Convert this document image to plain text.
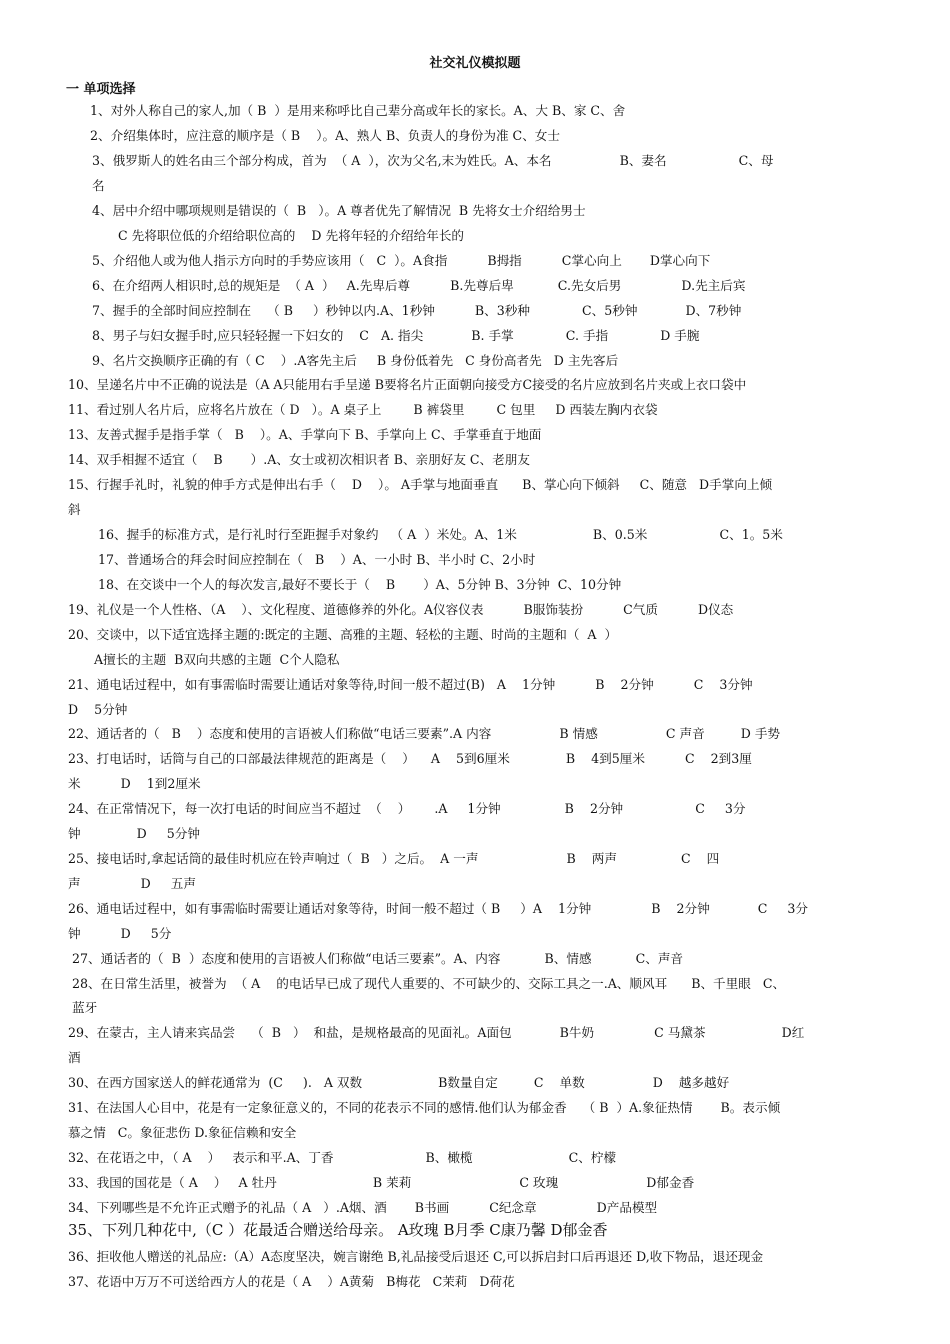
社交礼仪模拟题
一 单项选择
1、对外人称自己的家人,加（ B  ）是用来称呼比自己辈分高或年长的家长。A、大 B、家 C、舍
2、介绍集体时，应注意的顺序是（ B    ）。A、熟人 B、负责人的身份为准 C、女士
3、俄罗斯人的姓名由三个部分构成，首为  （ A  ），次为父名,末为姓氏。A、本名                 B、妻名                  C、母
名
4、居中介绍中哪项规则是错误的（  B   ）。A 尊者优先了解情况  B 先将女士介绍给男士
C 先将职位低的介绍给职位高的    D 先将年轻的介绍给年长的
5、介绍他人或为他人指示方向时的手势应该用（   C  ）。A食指          B拇指          C掌心向上       D掌心向下
6、在介绍两人相识时,总的规矩是  （ A  ）   A.先卑后尊          B.先尊后卑           C.先女后男               D.先主后宾
7、握手的全部时间应控制在    （ B     ）秒钟以内.A、1秒钟          B、3秒种             C、5秒钟            D、7秒钟
8、男子与妇女握手时,应只轻轻握一下妇女的    C   A. 指尖            B. 手掌             C. 手指             D 手腕
9、名片交换顺序正确的有（ C    ）.A客先主后     B 身份低着先   C 身份高者先   D 主先客后
10、呈递名片中不正确的说法是（A A只能用右手呈递 B要将名片正面朝向接受方C接受的名片应放到名片夹或上衣口袋中
11、看过别人名片后，应将名片放在（ D   ）。A 桌子上        B 裤袋里        C 包里     D 西装左胸内衣袋
13、友善式握手是指手掌（   B    ）。A、手掌向下 B、手掌向上 C、手掌垂直于地面
14、双手相握不适宜（    B       ）.A、女士或初次相识者 B、亲朋好友 C、老朋友
15、行握手礼时，礼貌的伸手方式是伸出右手（    D    ）。 A手掌与地面垂直      B、掌心向下倾斜     C、随意   D手掌向上倾
斜
16、握手的标准方式，是行礼时行至距握手对象约   （ A  ）米处。A、1米                   B、0.5米                  C、1。5米
17、普通场合的拜会时间应控制在（   B    ）A、一小时 B、半小时 C、2小时
18、在交谈中一个人的每次发言,最好不要长于（    B       ）A、5分钟 B、3分钟  C、10分钟
19、礼仪是一个人性格、（A    ）、文化程度、道德修养的外化。A仪容仪表          B服饰装扮          C气质          D仪态
20、交谈中，以下适宜选择主题的:既定的主题、高雅的主题、轻松的主题、时尚的主题和（  A  ）
A擅长的主题  B双向共感的主题  C个人隐私
21、通电话过程中，如有事需临时需要让通话对象等待,时间一般不超过(B)   A    1分钟          B    2分钟          C    3分钟
D    5分钟
22、通话者的（   B    ）态度和使用的言语被人们称做“电话三要素”.A 内容                 B 情感                 C 声音         D 手势
23、打电话时，话筒与自己的口部最法律规范的距离是（    ）    A    5到6厘米              B    4到5厘米          C    2到3厘
米          D    1到2厘米
24、在正常情况下，每一次打电话的时间应当不超过  （    ）      .A     1分钟                B    2分钟                  C     3分
钟              D     5分钟
25、接电话时,拿起话筒的最佳时机应在铃声响过（  B   ）之后。  A 一声                      B    两声                C    四
声               D     五声
26、通电话过程中，如有事需临时需要让通话对象等待，时间一般不超过（ B     ）A    1分钟               B    2分钟            C     3分
钟          D     5分
27、通话者的（  B  ）态度和使用的言语被人们称做“电话三要素”。A、内容           B、情感           C、声音
28、在日常生活里，被誉为  （ A    的电话早已成了现代人重要的、不可缺少的、交际工具之一.A、顺风耳      B、千里眼   C、
蓝牙
29、在蒙古，主人请来宾品尝    （  B   ）  和盐，是规格最高的见面礼。A面包            B牛奶               C 马黛茶                   D红
酒
30、在西方国家送人的鲜花通常为  (C     ).   A 双数                   B数量自定         C    单数                 D    越多越好
31、在法国人心目中，花是有一定象征意义的，不同的花表示不同的感情.他们认为郁金香    （ B  ）A.象征热情       B。表示倾
慕之情   C。象征悲伤 D.象征信赖和安全
32、在花语之中，（ A    ）   表示和平.A、丁香                       B、橄榄                        C、柠檬
33、我国的国花是（ A    ）   A 牡丹                        B 茉莉                           C 玫瑰                      D郁金香
34、下列哪些是不允许正式赠予的礼品（ A   ）.A烟、酒       B书画          C纪念章               D产品模型
35、下列几种花中,（C ）花最适合赠送给母亲。 A玫瑰 B月季 C康乃馨 D郁金香
36、拒收他人赠送的礼品应:（A）A态度坚决，婉言谢绝 B,礼品接受后退还 C,可以拆启封口后再退还 D,收下物品，退还现金
37、花语中万万不可送给西方人的花是（ A    ）A黄菊   B梅花   C茉莉   D荷花
